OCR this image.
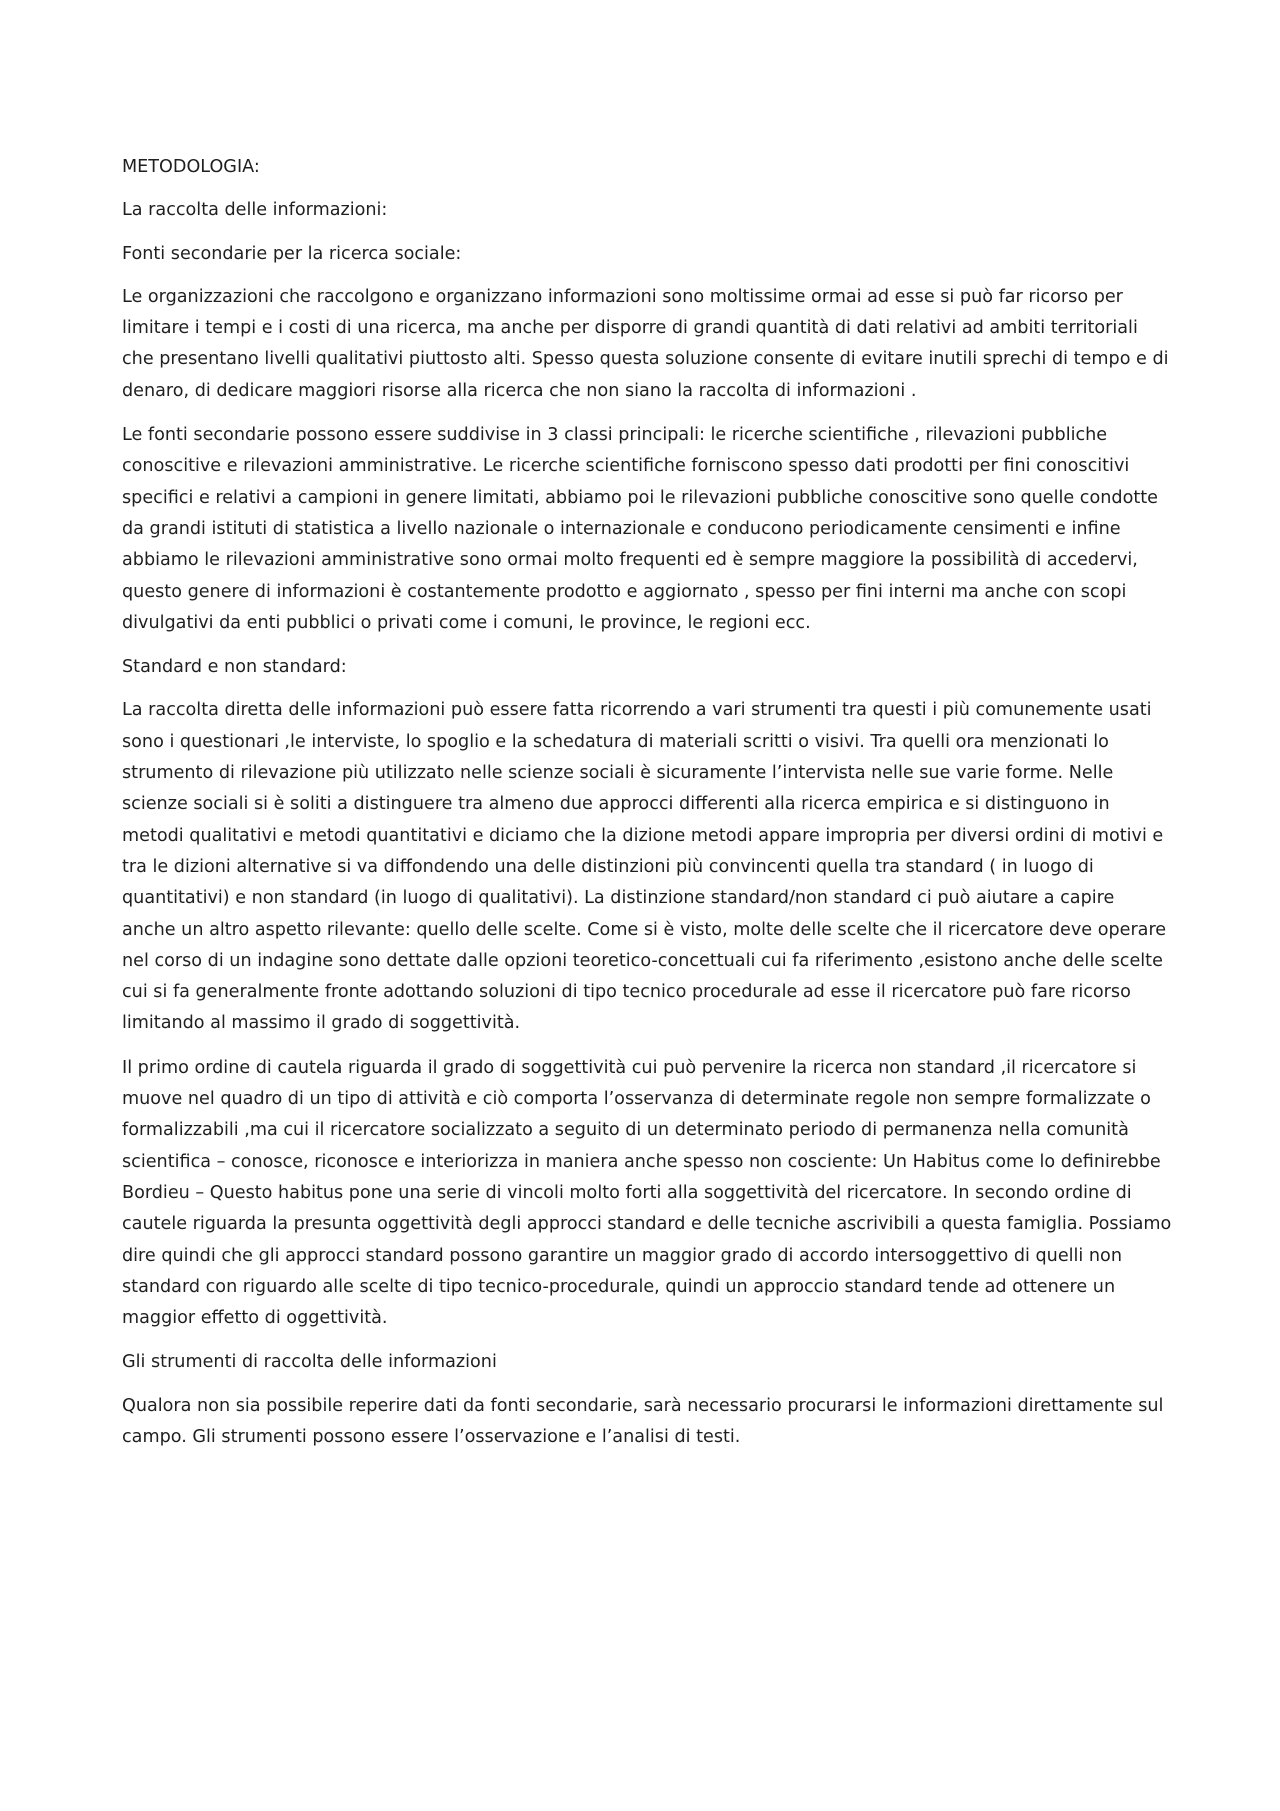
METODOLOGIA:

La raccolta delle informazioni:

Fonti secondarie per la ricerca sociale:

Le organizzazioni che raccolgono e organizzano informazioni sono moltissime ormai ad esse si può far ricorso per limitare i tempi e i costi di una ricerca, ma anche per disporre di grandi quantità di dati relativi ad ambiti territoriali che presentano livelli qualitativi piuttosto alti. Spesso questa soluzione consente di evitare inutili sprechi di tempo e di denaro, di dedicare maggiori risorse alla ricerca che non siano la raccolta di informazioni .

Le fonti secondarie possono essere suddivise in 3 classi principali: le ricerche scientifiche , rilevazioni pubbliche conoscitive e rilevazioni amministrative. Le ricerche scientifiche forniscono spesso dati prodotti per fini conoscitivi specifici e relativi a campioni in genere limitati, abbiamo poi le rilevazioni pubbliche conoscitive sono quelle condotte da grandi istituti di statistica a livello nazionale o internazionale e conducono periodicamente censimenti e infine abbiamo le rilevazioni amministrative sono ormai molto frequenti ed è sempre maggiore la possibilità di accedervi, questo genere di informazioni è costantemente prodotto e aggiornato , spesso per fini interni ma anche con scopi divulgativi da enti pubblici o privati come i comuni, le province, le regioni ecc.

Standard e non standard:

La raccolta diretta delle informazioni può essere fatta ricorrendo a vari strumenti tra questi i più comunemente usati sono i questionari ,le interviste, lo spoglio e la schedatura di materiali scritti o visivi. Tra quelli ora menzionati lo strumento di rilevazione più utilizzato nelle scienze sociali è sicuramente l’intervista nelle sue varie forme. Nelle scienze sociali si è soliti a distinguere tra almeno due approcci differenti alla ricerca empirica e si distinguono in metodi qualitativi e metodi quantitativi e diciamo che la dizione metodi appare impropria per diversi ordini di motivi e tra le dizioni alternative si va diffondendo una delle distinzioni più convincenti quella tra standard ( in luogo di quantitativi) e non standard (in luogo di qualitativi). La distinzione standard/non standard ci può aiutare a capire anche un altro aspetto rilevante: quello delle scelte. Come si è visto, molte delle scelte che il ricercatore deve operare nel corso di un indagine sono dettate dalle opzioni teoretico-concettuali cui fa riferimento ,esistono anche delle scelte cui si fa generalmente fronte adottando soluzioni di tipo tecnico procedurale ad esse il ricercatore può fare ricorso limitando al massimo il grado di soggettività.

Il primo ordine di cautela riguarda il grado di soggettività cui può pervenire la ricerca non standard ,il ricercatore si muove nel quadro di un tipo di attività e ciò comporta l’osservanza di determinate regole non sempre formalizzate o formalizzabili ,ma cui il ricercatore socializzato a seguito di un determinato periodo di permanenza nella comunità scientifica – conosce, riconosce e interiorizza in maniera anche spesso non cosciente: Un Habitus come lo definirebbe Bordieu – Questo habitus pone una serie di vincoli molto forti alla soggettività del ricercatore. In secondo ordine di cautele riguarda la presunta oggettività degli approcci standard e delle tecniche ascrivibili a questa famiglia. Possiamo dire quindi che gli approcci standard possono garantire un maggior grado di accordo intersoggettivo di quelli non standard con riguardo alle scelte di tipo tecnico-procedurale, quindi un approccio standard tende ad ottenere un maggior effetto di oggettività.

Gli strumenti di raccolta delle informazioni

Qualora non sia possibile reperire dati da fonti secondarie, sarà necessario procurarsi le informazioni direttamente sul campo. Gli strumenti possono essere l’osservazione e l’analisi di testi.
